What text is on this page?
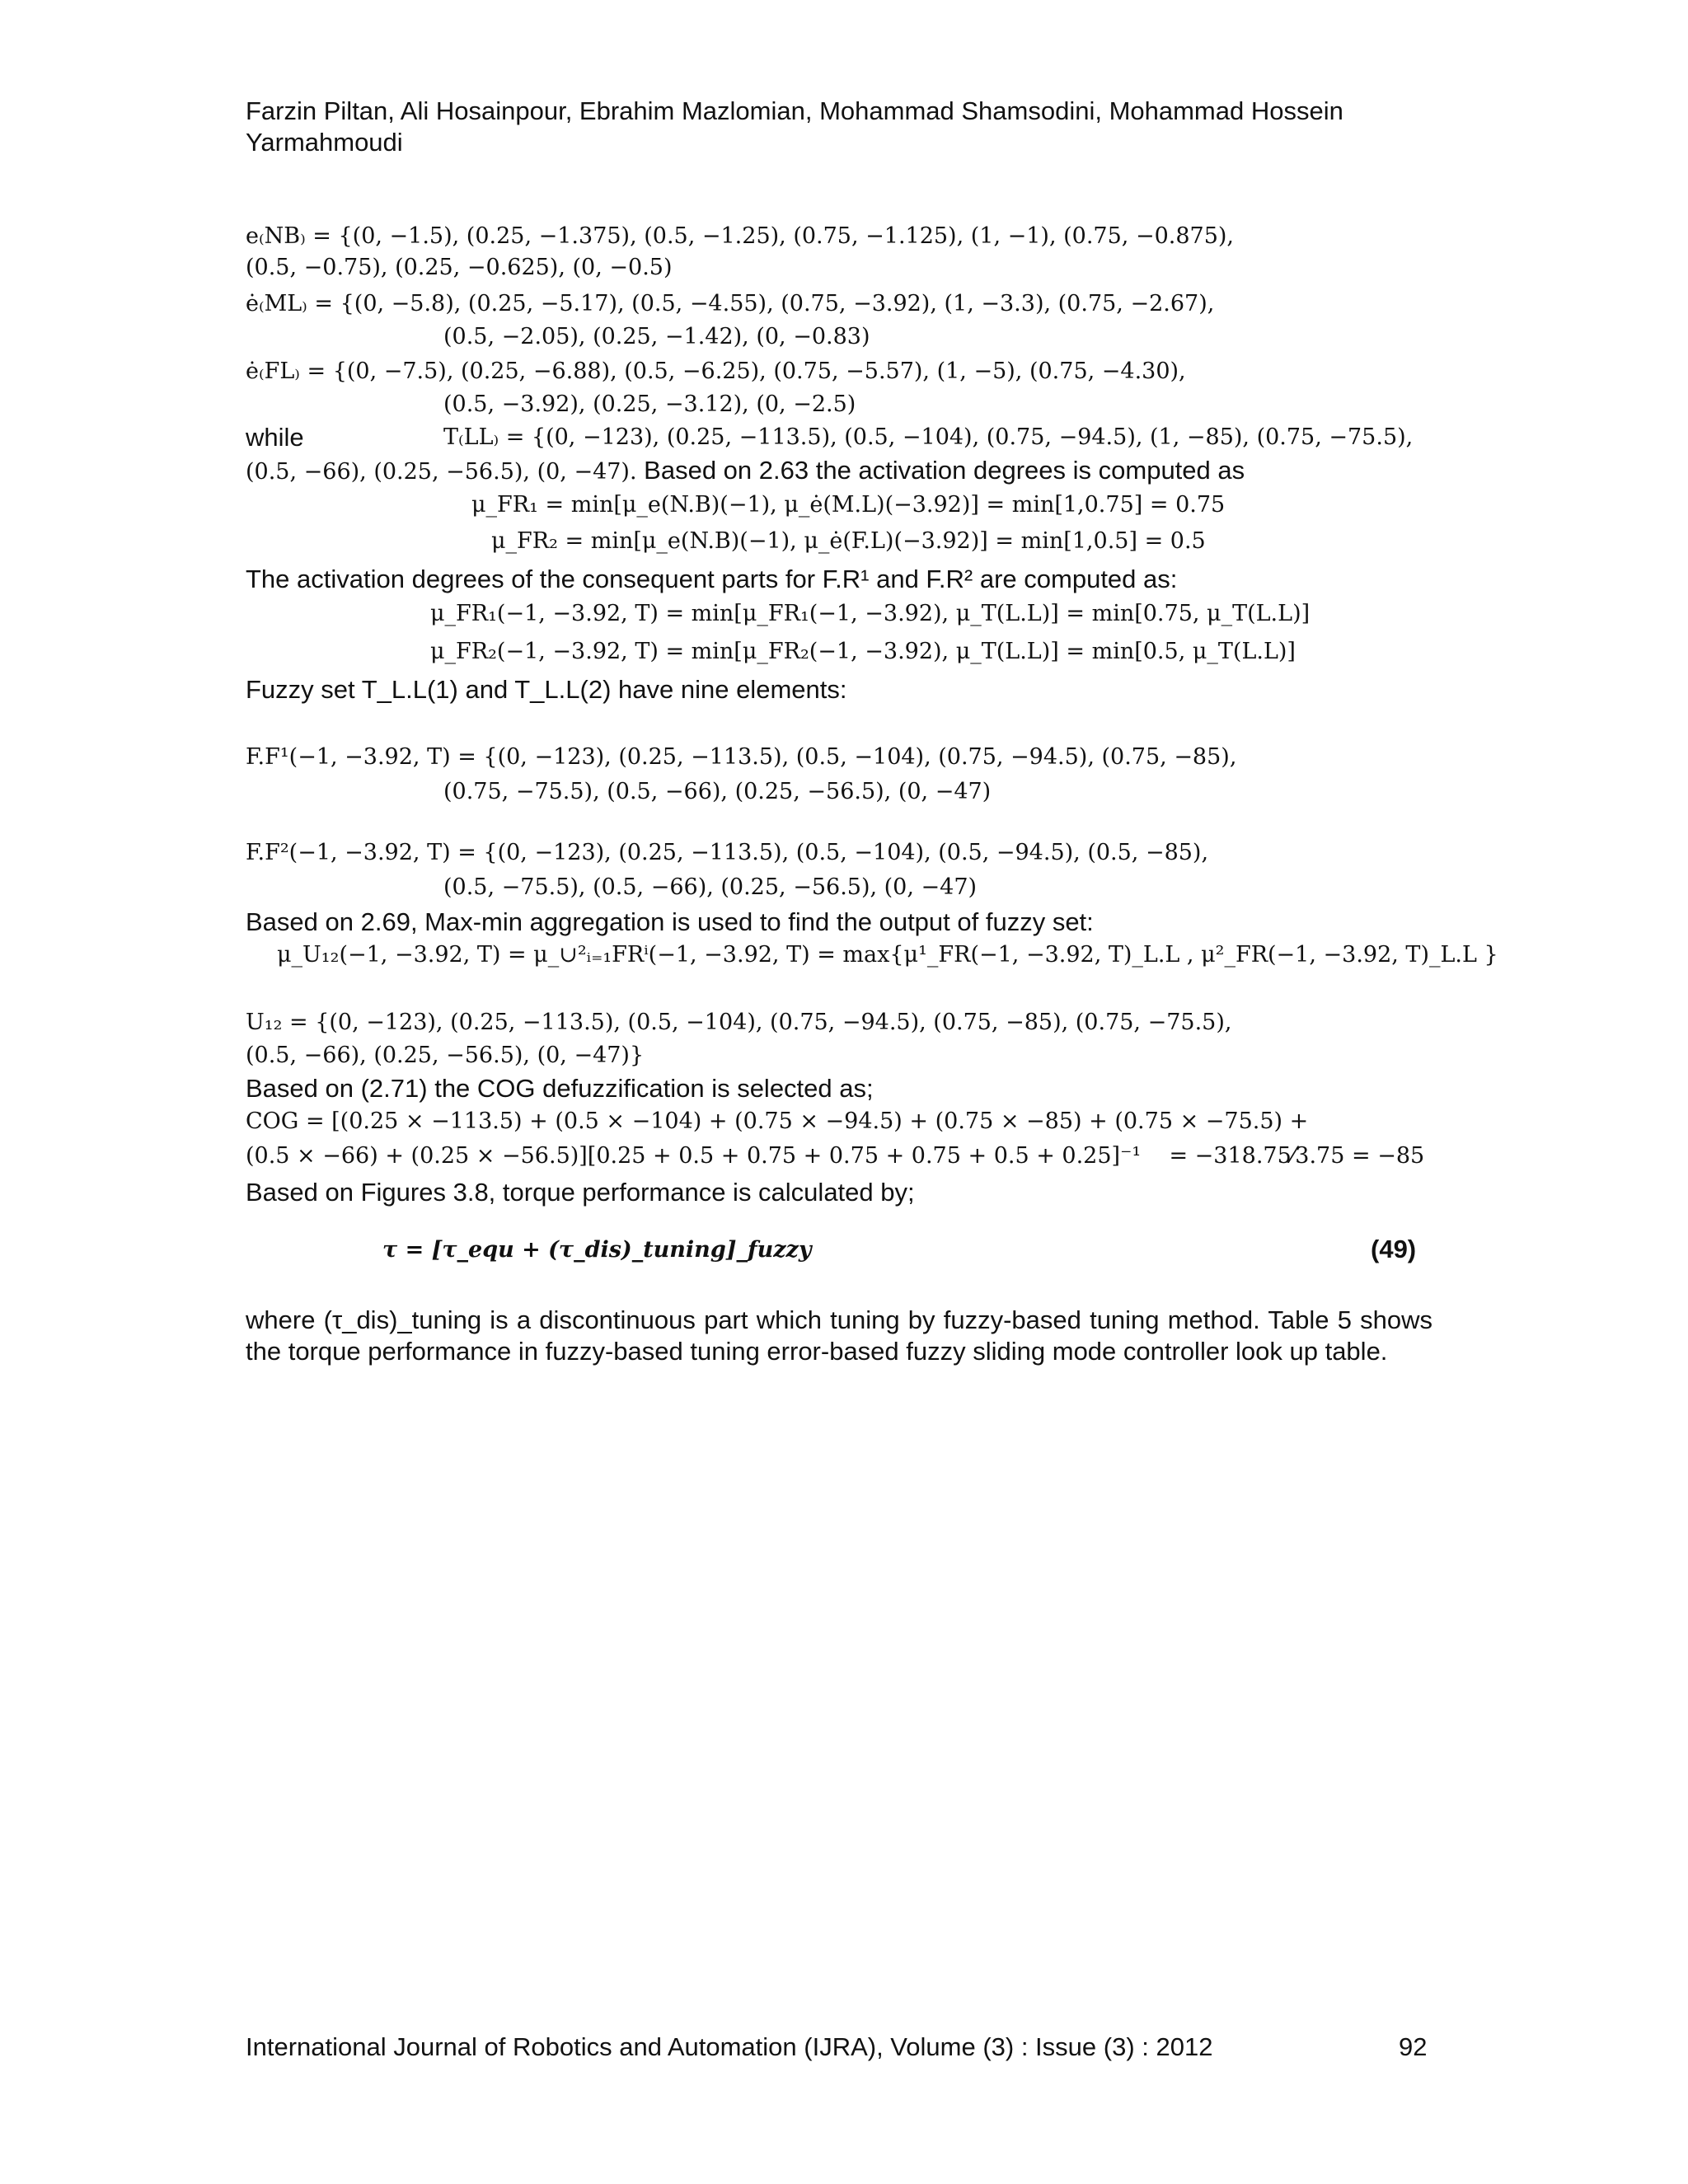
Farzin Piltan, Ali Hosainpour, Ebrahim Mazlomian, Mohammad Shamsodini, Mohammad Hossein Yarmahmoudi
e₍NB₎ = {(0, −1.5), (0.25, −1.375), (0.5, −1.25), (0.75, −1.125), (1, −1), (0.75, −0.875),
(0.5, −0.75), (0.25, −0.625), (0, −0.5)
ė₍ML₎ = {(0, −5.8), (0.25, −5.17), (0.5, −4.55), (0.75, −3.92), (1, −3.3), (0.75, −2.67),
(0.5, −2.05), (0.25, −1.42), (0, −0.83)
ė₍FL₎ = {(0, −7.5), (0.25, −6.88), (0.5, −6.25), (0.75, −5.57), (1, −5), (0.75, −4.30),
(0.5, −3.92), (0.25, −3.12), (0, −2.5)
while	T₍LL₎ = {(0, −123), (0.25, −113.5), (0.5, −104), (0.75, −94.5), (1, −85), (0.75, −75.5),
(0.5, −66), (0.25, −56.5), (0, −47). Based on 2.63 the activation degrees is computed as
μ_FR₁ = min[μ_e(N.B)(−1), μ_ė(M.L)(−3.92)] = min[1,0.75] = 0.75
μ_FR₂ = min[μ_e(N.B)(−1), μ_ė(F.L)(−3.92)] = min[1,0.5] = 0.5
The activation degrees of the consequent parts for F.R¹ and F.R² are computed as:
μ_FR₁(−1, −3.92, T) = min[μ_FR₁(−1, −3.92), μ_T(L.L)] = min[0.75, μ_T(L.L)]
μ_FR₂(−1, −3.92, T) = min[μ_FR₂(−1, −3.92), μ_T(L.L)] = min[0.5, μ_T(L.L)]
Fuzzy set T_L.L(1) and T_L.L(2) have nine elements:
F.F¹(−1, −3.92, T) = {(0, −123), (0.25, −113.5), (0.5, −104), (0.75, −94.5), (0.75, −85),
(0.75, −75.5), (0.5, −66), (0.25, −56.5), (0, −47)
F.F²(−1, −3.92, T) = {(0, −123), (0.25, −113.5), (0.5, −104), (0.5, −94.5), (0.5, −85),
(0.5, −75.5), (0.5, −66), (0.25, −56.5), (0, −47)
Based on 2.69, Max-min aggregation is used to find the output of fuzzy set:
μ_U₁₂(−1, −3.92, T) = μ_∪²ᵢ₌₁FRⁱ(−1, −3.92, T) = max{μ¹_FR(−1, −3.92, T)_L.L , μ²_FR(−1, −3.92, T)_L.L }
U₁₂ = {(0, −123), (0.25, −113.5), (0.5, −104), (0.75, −94.5), (0.75, −85), (0.75, −75.5),
(0.5, −66), (0.25, −56.5), (0, −47)}
Based on (2.71) the COG defuzzification is selected as;
COG = [(0.25 × −113.5) + (0.5 × −104) + (0.75 × −94.5) + (0.75 × −85) + (0.75 × −75.5) +
(0.5 × −66) + (0.25 × −56.5)][0.25 + 0.5 + 0.75 + 0.75 + 0.75 + 0.5 + 0.25]⁻¹    = −318.75⁄3.75 = −85
Based on Figures 3.8, torque performance is calculated by;
τ = [τ_equ + (τ_dis)_tuning]_fuzzy	(49)
where (τ_dis)_tuning is a discontinuous part which tuning by fuzzy-based tuning method. Table 5 shows the torque performance in fuzzy-based tuning error-based fuzzy sliding mode controller look up table.
International Journal of Robotics and Automation (IJRA), Volume (3) : Issue (3) : 2012	92
